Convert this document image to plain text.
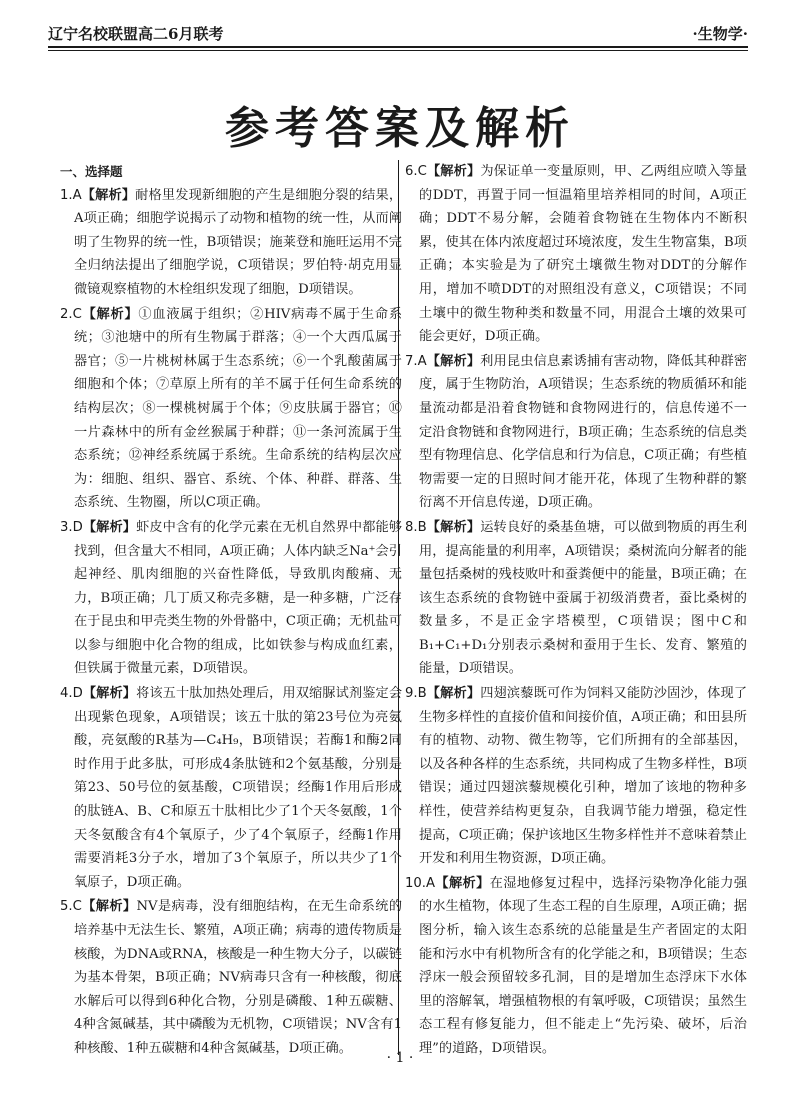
辽宁名校联盟高二6月联考	·生物学·
参考答案及解析
一、选择题
1.A【解析】耐格里发现新细胞的产生是细胞分裂的结果，A项正确；细胞学说揭示了动物和植物的统一性，从而阐明了生物界的统一性，B项错误；施莱登和施旺运用不完全归纳法提出了细胞学说，C项错误；罗伯特·胡克用显微镜观察植物的木栓组织发现了细胞，D项错误。
2.C【解析】①血液属于组织；②HIV病毒不属于生命系统；③池塘中的所有生物属于群落；④一个大西瓜属于器官；⑤一片桃树林属于生态系统；⑥一个乳酸菌属于细胞和个体；⑦草原上所有的羊不属于任何生命系统的结构层次；⑧一棵桃树属于个体；⑨皮肤属于器官；⑩一片森林中的所有金丝猴属于种群；⑪一条河流属于生态系统；⑫神经系统属于系统。生命系统的结构层次应为：细胞、组织、器官、系统、个体、种群、群落、生态系统、生物圈，所以C项正确。
3.D【解析】虾皮中含有的化学元素在无机自然界中都能够找到，但含量大不相同，A项正确；人体内缺乏Na⁺会引起神经、肌肉细胞的兴奋性降低，导致肌肉酸痛、无力，B项正确；几丁质又称壳多糖，是一种多糖，广泛存在于昆虫和甲壳类生物的外骨骼中，C项正确；无机盐可以参与细胞中化合物的组成，比如铁参与构成血红素，但铁属于微量元素，D项错误。
4.D【解析】将该五十肽加热处理后，用双缩脲试剂鉴定会出现紫色现象，A项错误；该五十肽的第23号位为亮氨酸，亮氨酸的R基为—C₄H₉，B项错误；若酶1和酶2同时作用于此多肽，可形成4条肽链和2个氨基酸，分别是第23、50号位的氨基酸，C项错误；经酶1作用后形成的肽链A、B、C和原五十肽相比少了1个天冬氨酸，1个天冬氨酸含有4个氧原子，少了4个氧原子，经酶1作用需要消耗3分子水，增加了3个氧原子，所以共少了1个氧原子，D项正确。
5.C【解析】NV是病毒，没有细胞结构，在无生命系统的培养基中无法生长、繁殖，A项正确；病毒的遗传物质是核酸，为DNA或RNA，核酸是一种生物大分子，以碳链为基本骨架，B项正确；NV病毒只含有一种核酸，彻底水解后可以得到6种化合物，分别是磷酸、1种五碳糖、4种含氮碱基，其中磷酸为无机物，C项错误；NV含有1种核酸、1种五碳糖和4种含氮碱基，D项正确。
6.C【解析】为保证单一变量原则，甲、乙两组应喷入等量的DDT，再置于同一恒温箱里培养相同的时间，A项正确；DDT不易分解，会随着食物链在生物体内不断积累，使其在体内浓度超过环境浓度，发生生物富集，B项正确；本实验是为了研究土壤微生物对DDT的分解作用，增加不喷DDT的对照组没有意义，C项错误；不同土壤中的微生物种类和数量不同，用混合土壤的效果可能会更好，D项正确。
7.A【解析】利用昆虫信息素诱捕有害动物，降低其种群密度，属于生物防治，A项错误；生态系统的物质循环和能量流动都是沿着食物链和食物网进行的，信息传递不一定沿食物链和食物网进行，B项正确；生态系统的信息类型有物理信息、化学信息和行为信息，C项正确；有些植物需要一定的日照时间才能开花，体现了生物种群的繁衍离不开信息传递，D项正确。
8.B【解析】运转良好的桑基鱼塘，可以做到物质的再生利用，提高能量的利用率，A项错误；桑树流向分解者的能量包括桑树的残枝败叶和蚕粪便中的能量，B项正确；在该生态系统的食物链中蚕属于初级消费者，蚕比桑树的数量多，不是正金字塔模型，C项错误；图中C和B₁+C₁+D₁分别表示桑树和蚕用于生长、发育、繁殖的能量，D项错误。
9.B【解析】四翅滨藜既可作为饲料又能防沙固沙，体现了生物多样性的直接价值和间接价值，A项正确；和田县所有的植物、动物、微生物等，它们所拥有的全部基因，以及各种各样的生态系统，共同构成了生物多样性，B项错误；通过四翅滨藜规模化引种，增加了该地的物种多样性，使营养结构更复杂，自我调节能力增强，稳定性提高，C项正确；保护该地区生物多样性并不意味着禁止开发和利用生物资源，D项正确。
10.A【解析】在湿地修复过程中，选择污染物净化能力强的水生植物，体现了生态工程的自生原理，A项正确；据图分析，输入该生态系统的总能量是生产者固定的太阳能和污水中有机物所含有的化学能之和，B项错误；生态浮床一般会预留较多孔洞，目的是增加生态浮床下水体里的溶解氧，增强植物根的有氧呼吸，C项错误；虽然生态工程有修复能力，但不能走上“先污染、破坏，后治理”的道路，D项错误。
· 1 ·
